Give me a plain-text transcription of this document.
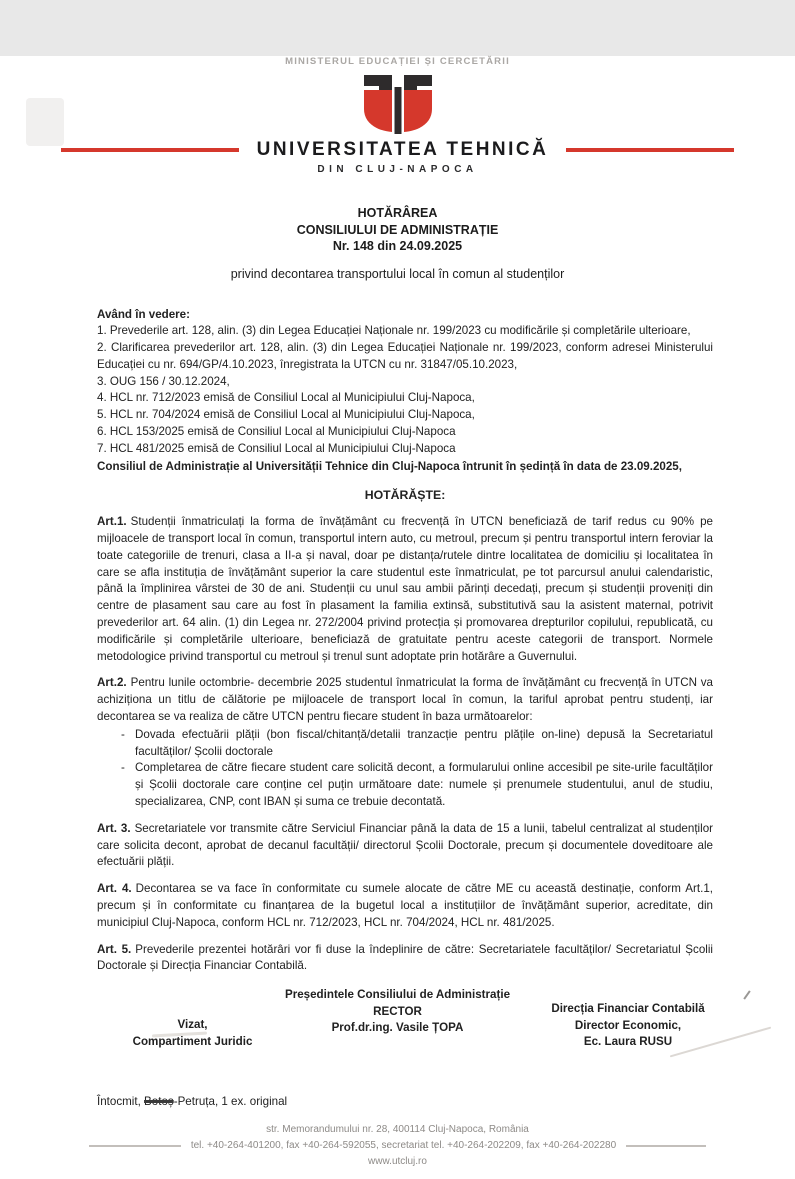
MINISTERUL EDUCAȚIEI ȘI CERCETĂRII
UNIVERSITATEA TEHNICĂ
DIN CLUJ-NAPOCA
HOTĂRÂREA
CONSILIULUI DE ADMINISTRAȚIE
Nr. 148 din 24.09.2025
privind decontarea transportului local în comun al studenților
Având în vedere:
1. Prevederile art. 128, alin. (3) din Legea Educației Naționale nr. 199/2023 cu modificările și completările ulterioare,
2. Clarificarea prevederilor art. 128, alin. (3) din Legea Educației Naționale nr. 199/2023, conform adresei Ministerului Educației cu nr. 694/GP/4.10.2023, înregistrata la UTCN cu nr. 31847/05.10.2023,
3. OUG 156 / 30.12.2024,
4. HCL nr. 712/2023 emisă de Consiliul Local al Municipiului Cluj-Napoca,
5. HCL nr. 704/2024 emisă de Consiliul Local al Municipiului Cluj-Napoca,
6. HCL 153/2025 emisă de Consiliul Local al Municipiului Cluj-Napoca
7. HCL 481/2025 emisă de Consiliul Local al Municipiului Cluj-Napoca
Consiliul de Administrație al Universității Tehnice din Cluj-Napoca întrunit în ședință în data de 23.09.2025,
HOTĂRĂȘTE:
Art.1. Studenții înmatriculați la forma de învățământ cu frecvență în UTCN beneficiază de tarif redus cu 90% pe mijloacele de transport local în comun, transportul intern auto, cu metroul, precum și pentru transportul intern feroviar la toate categoriile de trenuri, clasa a II-a și naval, doar pe distanța/rutele dintre localitatea de domiciliu și localitatea în care se afla instituția de învățământ superior la care studentul este înmatriculat, pe tot parcursul anului calendaristic, până la împlinirea vârstei de 30 de ani. Studenții cu unul sau ambii părinți decedați, precum și studenții proveniți din centre de plasament sau care au fost în plasament la familia extinsă, substitutivă sau la asistent maternal, potrivit prevederilor art. 64 alin. (1) din Legea nr. 272/2004 privind protecția și promovarea drepturilor copilului, republicată, cu modificările și completările ulterioare, beneficiază de gratuitate pentru aceste categorii de transport. Normele metodologice privind transportul cu metroul și trenul sunt adoptate prin hotărâre a Guvernului.
Art.2. Pentru lunile octombrie- decembrie 2025 studentul înmatriculat la forma de învățământ cu frecvență în UTCN va achiziționa un titlu de călătorie pe mijloacele de transport local în comun, la tariful aprobat pentru studenți, iar decontarea se va realiza de către UTCN pentru fiecare student în baza următoarelor:
- Dovada efectuării plății (bon fiscal/chitanță/detalii tranzacție pentru plățile on-line) depusă la Secretariatul facultăților/ Școlii doctorale
- Completarea de către fiecare student care solicită decont, a formularului online accesibil pe site-urile facultăților și Școlii doctorale care conține cel puțin următoare date: numele și prenumele studentului, anul de studiu, specializarea, CNP, cont IBAN și suma ce trebuie decontată.
Art. 3. Secretariatele vor transmite către Serviciul Financiar până la data de 15 a lunii, tabelul centralizat al studenților care solicita decont, aprobat de decanul facultății/ directorul Școlii Doctorale, precum și documentele doveditoare ale efectuării plății.
Art. 4. Decontarea se va face în conformitate cu sumele alocate de către ME cu această destinație, conform Art.1, precum și în conformitate cu finanțarea de la bugetul local a instituțiilor de învățământ superior, acreditate, din municipiul Cluj-Napoca, conform HCL nr. 712/2023, HCL nr. 704/2024, HCL nr. 481/2025.
Art. 5. Prevederile prezentei hotărâri vor fi duse la îndeplinire de către: Secretariatele facultăților/ Secretariatul Școlii Doctorale și Direcția Financiar Contabilă.
Președintele Consiliului de Administrație
RECTOR
Prof.dr.ing. Vasile ȚOPA
Vizat,
Compartiment Juridic
Direcția Financiar Contabilă
Director Economic,
Ec. Laura RUSU
Întocmit, Botoș-Petruța, 1 ex. original
str. Memorandumului nr. 28, 400114 Cluj-Napoca, România
tel. +40-264-401200, fax +40-264-592055, secretariat tel. +40-264-202209, fax +40-264-202280
www.utcluj.ro
